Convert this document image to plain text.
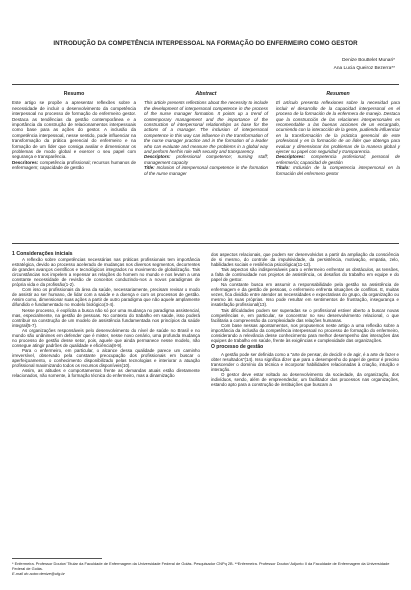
INTRODUÇÃO DA COMPETÊNCIA INTERPESSOAL NA FORMAÇÃO DO ENFERMEIRO COMO GESTOR
Denize Bouttelet Munari*
Ana Lucia Queiroz Bezerra**
Resumo
Este artigo se propõe a apresentar reflexões sobre a necessidade de incluir o desenvolvimento da competência interpessoal no processo de formação do enfermeiro gestor. Destaca as tendências da gestão contemporânea e a importância da construção de relacionamentos interpessoais como base para as ações do gestor. A inclusão da competência interpessoal, nesse sentido, pode influenciar na transformação da prática gerencial do enfermeiro e na formação de um líder que consiga avaliar e dimensionar os problemas de modo global e exercer o seu papel com segurança e transparência.
Descritores: competência profissional; recursos humanos de enfermagem; capacidade de gestão
Abstract
This article presents reflections about the necessity to include the development of interpersonal competence in the process of the nurse manager formation. It points up a trend of contemporary management and the importance of the construction of interpersonal relationships as base for the actions of a manager. The inclusion of interpersonal competence in this way can influence in the transformation of the nurse manager practice and in the formation of a leader who can evaluate and measure the problems in a global way and perform her/his role with security and transparency.
Descriptors: professional competence; nursing staff; management capacity
Title: Inclusion of interpersonal competence in the formation of the nurse manager
Resumen
El artículo presenta reflexiones sobre la necesidad para incluir el desarrollo de la capacidad interpersonal en el proceso de la formación de la enfermera de manejo. Destaca que la construcción de las relaciones interpersonales es recomendable a las buenas acciones de un encargado, ocurriendo con la interacción de la gente, pudiendo influenciar en la transformación de la práctica gerencial de este profesional y en la formación de un líder que obtenga para evaluar y dimensionar los problemas de la manera global y ejercer su papel con seguridad y transparencia.
Descriptores: competencia profesional; personal de enfermería; capacidad de gestión
Título: Inclusión de la competencia interpersonal en la formación del enfermero gestor

1 Considerações iniciais

A reflexão sobre competências necessárias nas práticas profissionais tem importância estratégica, devido ao processo acelerado de mudanças nos diversos segmentos, decorrentes de grandes avanços científicos e tecnológicos integrados no movimento de globalização. Tais circunstâncias nos impelem a repensar as relações do homem no mundo e nos levam a uma constante necessidade de revisão de conceitos conduzindo-nos a novos paradigmas de própria vida e da profissão(1-2).

Com isso os profissionais da área da saúde, necessariamente, precisam revisar o modo de assistir ao ser humano, de lidar com a saúde e a doença e com os processos de gestão. Assim como, dimensionar suas ações a partir de outro paradigma que não aquele amplamente difundido e fundamentado no modelo biológico(3-4).

Nesse processo, é explícita a busca não só por uma mudança no paradigma assistencial, mas, especialmente, na gestão de pessoas. No contexto do trabalho em saúde, isso poderá contribuir na construção de um modelo de assistência fundamentada nos princípios da saúde integral(5-7).

As organizações responsáveis pelo desenvolvimento do nível de saúde no Brasil e no mundo são unânimes em defender que é mister, nesse novo cenário, uma profunda mudança no processo de gestão desse setor, pois, aquele que ainda permanece nesse modelo, não consegue atingir padrões de qualidade e eficiência(8-9).

Para o enfermeiro, em particular, o alcance dessa qualidade parece um caminho irreversível, observado pela constante preocupação dos profissionais em buscar o aperfeiçoamento, o conhecimento disponibilizado pelas tecnologias e interiorar a atuação profissional maximizando todos os recursos disponíveis(10).

Assim, as atitudes e comportamentos frente as demandas atuais estão diretamente relacionados, não somente, à formação técnica do enfermeiro, mas a dinamização

dos aspectos relacionais, que podem ser desenvolvidos a partir da ampliação da consciência de si mesmo, do controle da impulsividade, da persistência, motivação, empatia, zelo, habilidades sociais e resiliência psicológica(11-12).

Tais aspectos são indispensáveis para o enfermeiro enfrentar os obstáculos, as tensões, a falta de continuidade nos projetos de assistência, os desafios do trabalho em equipe e do papel de gestor.

Na constante busca em assumir a responsabilidade pela gestão na assistência de enfermagem e da gestão de pessoas, o enfermeiro enfrenta situações de conflitos. E, muitas vezes, fica dividido entre atender as necessidades e expectativas do grupo, da organização ou mesmo às suas próprias. Isso pode resultar em sentimentos de frustração, insegurança e insatisfação profissional(13).

Tais dificuldades podem ser superadas se o profissional estiver aberto a buscar novas competências e, em particular, se concentrar no seu desenvolvimento relacional, o que facilitaria a compreensão da complexidade das relações humanas.

Com base nessas apontamentos, nos propusemos neste artigo a uma reflexão sobre a importância da inclusão da competência interpessoal no processo de formação do enfermeiro, considerando a relevância desse conhecimento para melhor desempenho das interações das equipes de trabalho em saúde, frente às exigências e complexidade das organizações.

O processo de gestão

A gestão pode ser definida como a "arte de pensar, de decidir e de agir, é a arte de fazer e obter resultados"(14). Isso significa dizer que para o desempenho do papel de gestor é preciso transcender o domínio da técnica e incorporar habilidades relacionadas à criação, intuição e interação.

O gestor deve estar voltado ao desenvolvimento da sociedade, da organização, dos indivíduos, sendo, além de empreendedor, um facilitador dos processos nas organizações, estando apto para a construção de instituições que buscam a

* Enfermeira. Professor Doutor/ Titular da Faculdade de Enfermagem da Universidade Federal de Goiás. Pesquisador CNPq 2B. **Enfermeira. Professor Doutor/ Adjunto II da Faculdade de Enfermagem da Universidade Federal de Goiás.
E-mail do autor:denize@ufg.br
